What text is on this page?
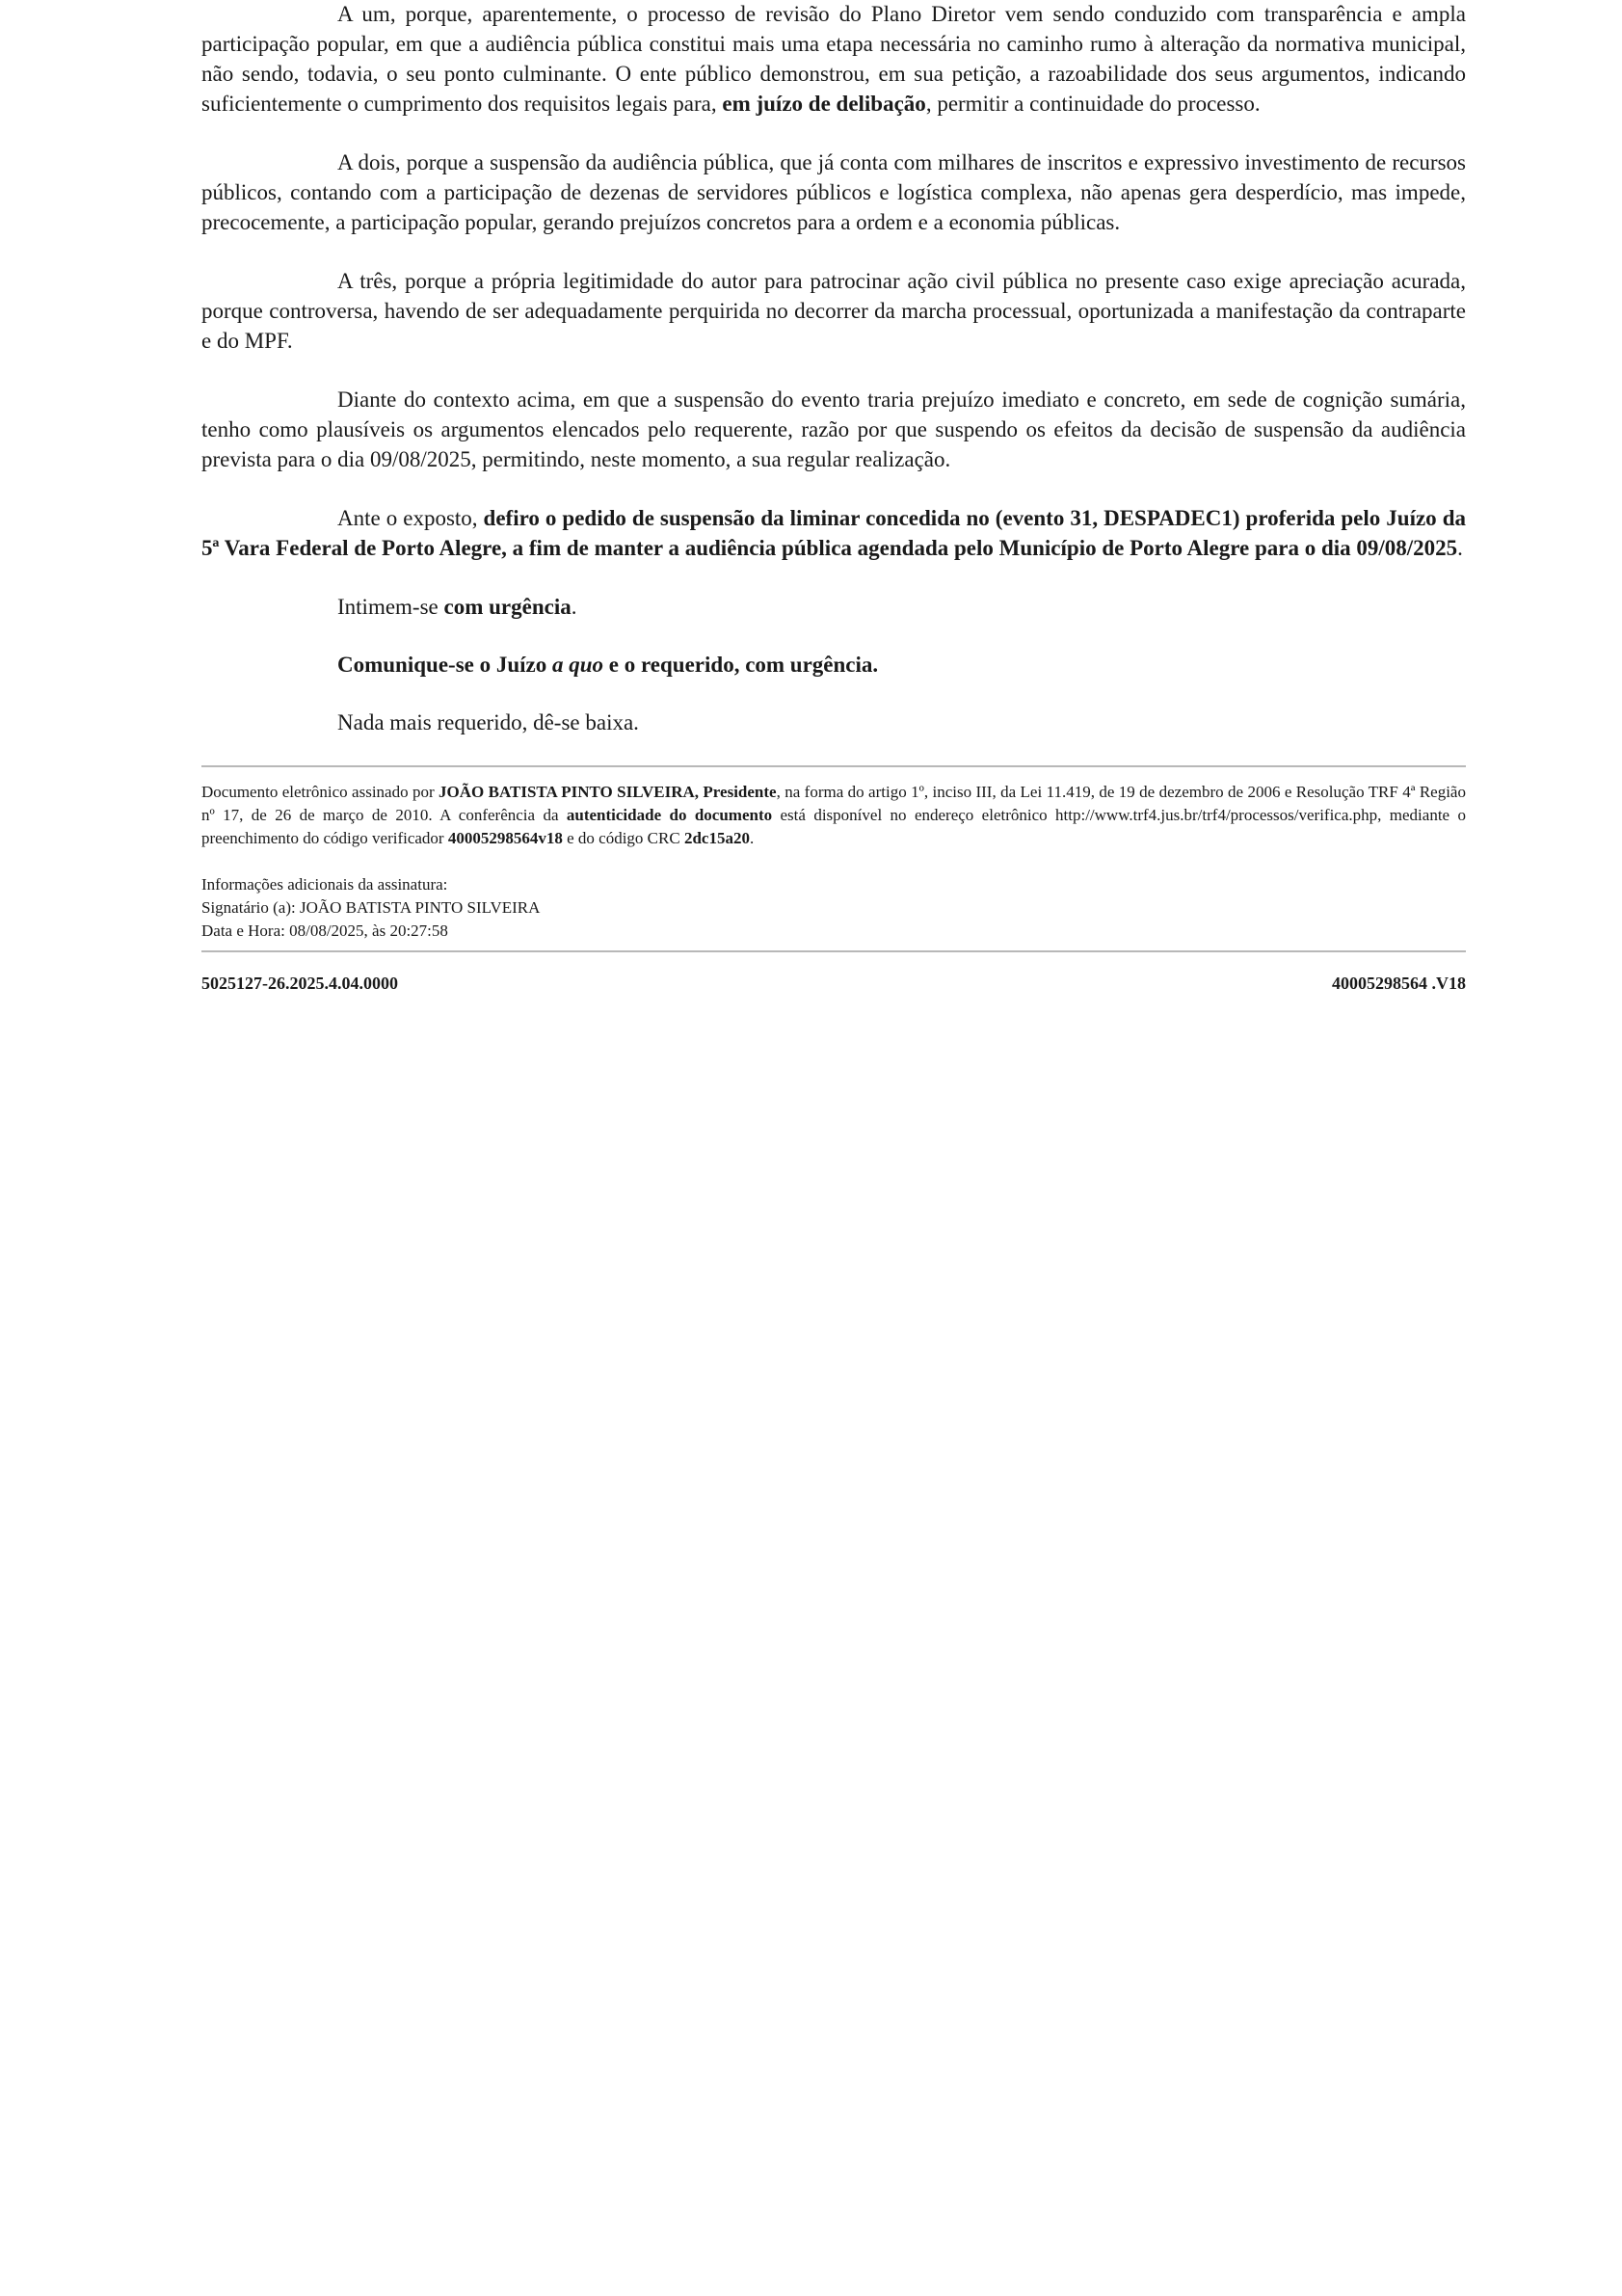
A um, porque, aparentemente, o processo de revisão do Plano Diretor vem sendo conduzido com transparência e ampla participação popular, em que a audiência pública constitui mais uma etapa necessária no caminho rumo à alteração da normativa municipal, não sendo, todavia, o seu ponto culminante. O ente público demonstrou, em sua petição, a razoabilidade dos seus argumentos, indicando suficientemente o cumprimento dos requisitos legais para, em juízo de delibação, permitir a continuidade do processo.

A dois, porque a suspensão da audiência pública, que já conta com milhares de inscritos e expressivo investimento de recursos públicos, contando com a participação de dezenas de servidores públicos e logística complexa, não apenas gera desperdício, mas impede, precocemente, a participação popular, gerando prejuízos concretos para a ordem e a economia públicas.

A três, porque a própria legitimidade do autor para patrocinar ação civil pública no presente caso exige apreciação acurada, porque controversa, havendo de ser adequadamente perquirida no decorrer da marcha processual, oportunizada a manifestação da contraparte e do MPF.

Diante do contexto acima, em que a suspensão do evento traria prejuízo imediato e concreto, em sede de cognição sumária, tenho como plausíveis os argumentos elencados pelo requerente, razão por que suspendo os efeitos da decisão de suspensão da audiência prevista para o dia 09/08/2025, permitindo, neste momento, a sua regular realização.

Ante o exposto, defiro o pedido de suspensão da liminar concedida no (evento 31, DESPADEC1) proferida pelo Juízo da 5ª Vara Federal de Porto Alegre, a fim de manter a audiência pública agendada pelo Município de Porto Alegre para o dia 09/08/2025.

Intimem-se com urgência.

Comunique-se o Juízo a quo e o requerido, com urgência.

Nada mais requerido, dê-se baixa.

Documento eletrônico assinado por JOÃO BATISTA PINTO SILVEIRA, Presidente, na forma do artigo 1º, inciso III, da Lei 11.419, de 19 de dezembro de 2006 e Resolução TRF 4ª Região nº 17, de 26 de março de 2010. A conferência da autenticidade do documento está disponível no endereço eletrônico http://www.trf4.jus.br/trf4/processos/verifica.php, mediante o preenchimento do código verificador 40005298564v18 e do código CRC 2dc15a20.

Informações adicionais da assinatura:
Signatário (a): JOÃO BATISTA PINTO SILVEIRA
Data e Hora: 08/08/2025, às 20:27:58
5025127-26.2025.4.04.0000	40005298564 .V18
